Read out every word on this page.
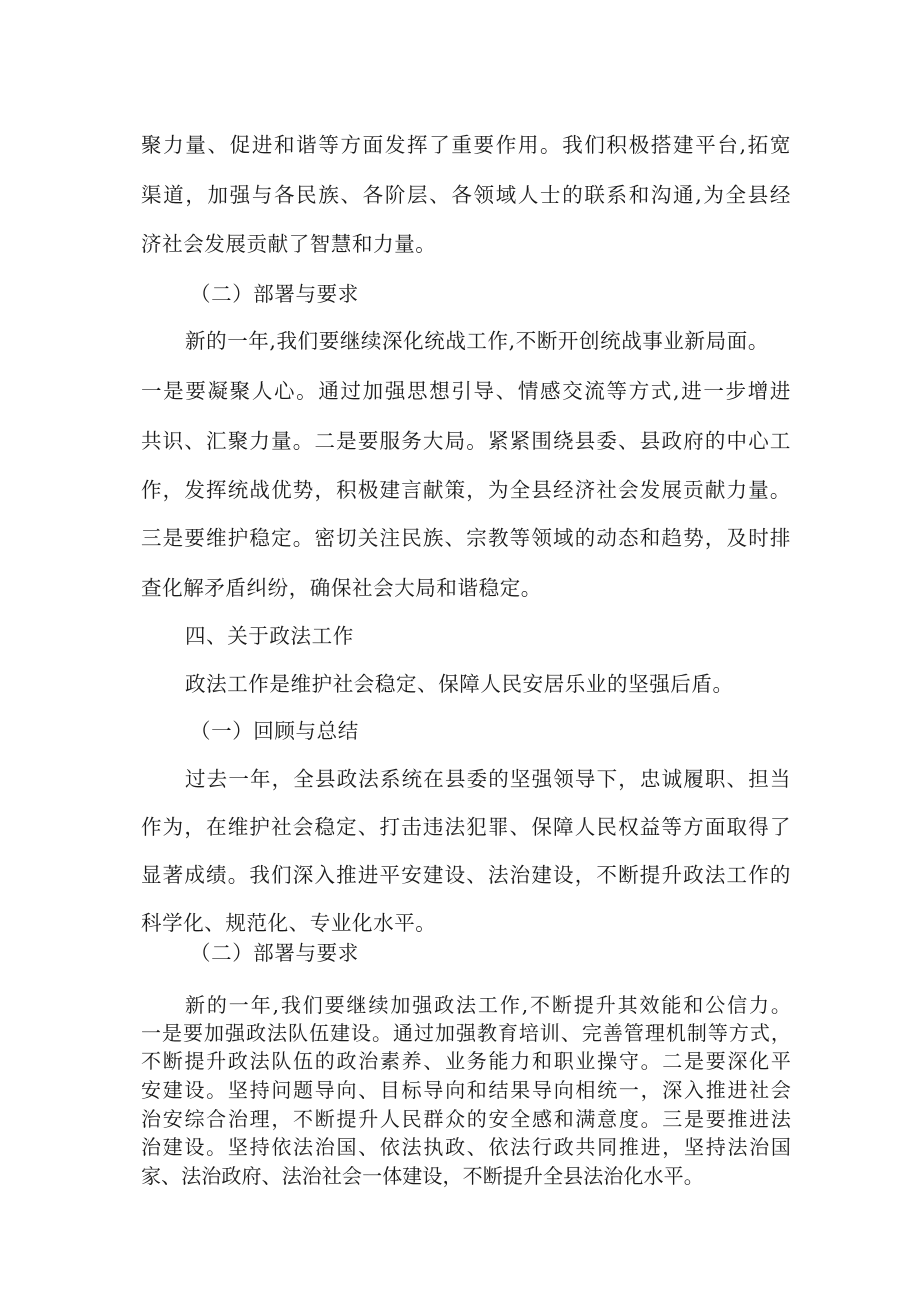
聚力量、促进和谐等方面发挥了重要作用。我们积极搭建平台,拓宽
渠道，加强与各民族、各阶层、各领域人士的联系和沟通,为全县经
济社会发展贡献了智慧和力量。
（二）部署与要求
新的一年,我们要继续深化统战工作,不断开创统战事业新局面。
一是要凝聚人心。通过加强思想引导、情感交流等方式,进一步增进
共识、汇聚力量。二是要服务大局。紧紧围绕县委、县政府的中心工
作，发挥统战优势，积极建言献策，为全县经济社会发展贡献力量。
三是要维护稳定。密切关注民族、宗教等领域的动态和趋势，及时排
查化解矛盾纠纷，确保社会大局和谐稳定。
四、关于政法工作
政法工作是维护社会稳定、保障人民安居乐业的坚强后盾。
（一）回顾与总结
过去一年，全县政法系统在县委的坚强领导下，忠诚履职、担当
作为，在维护社会稳定、打击违法犯罪、保障人民权益等方面取得了
显著成绩。我们深入推进平安建设、法治建设，不断提升政法工作的
科学化、规范化、专业化水平。
（二）部署与要求
新的一年,我们要继续加强政法工作,不断提升其效能和公信力。
一是要加强政法队伍建设。通过加强教育培训、完善管理机制等方式，
不断提升政法队伍的政治素养、业务能力和职业操守。二是要深化平
安建设。坚持问题导向、目标导向和结果导向相统一，深入推进社会
治安综合治理，不断提升人民群众的安全感和满意度。三是要推进法
治建设。坚持依法治国、依法执政、依法行政共同推进，坚持法治国
家、法治政府、法治社会一体建设，不断提升全县法治化水平。
